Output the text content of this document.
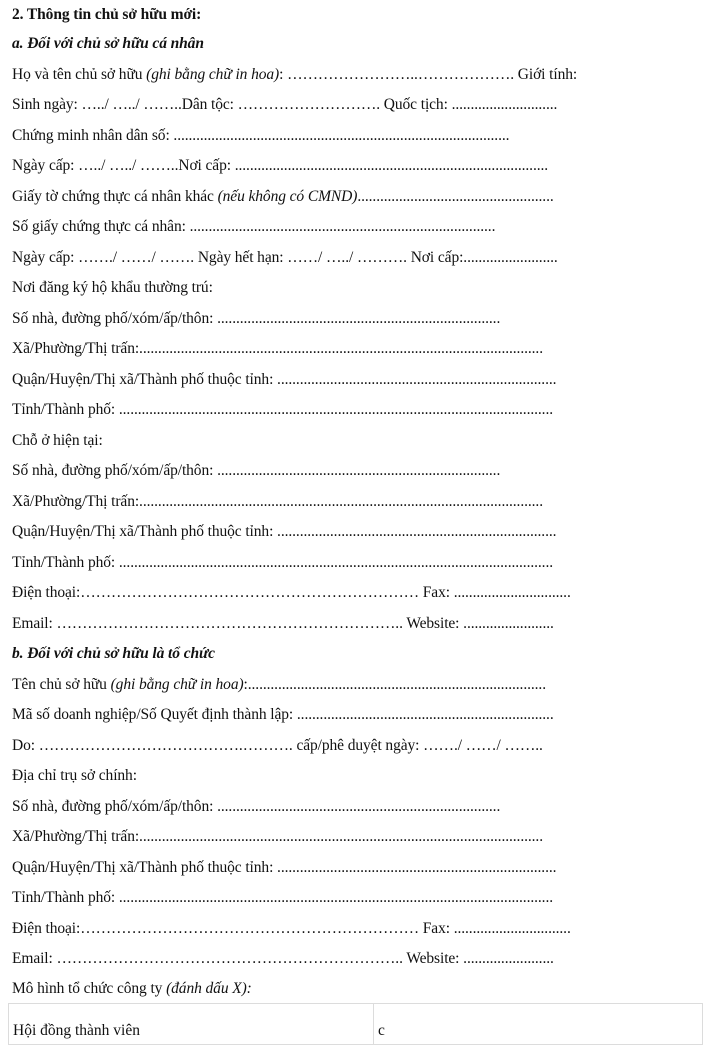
2. Thông tin chủ sở hữu mới:
a. Đối với chủ sở hữu cá nhân
Họ và tên chủ sở hữu (ghi bằng chữ in hoa): ……………………..………………. Giới tính:
Sinh ngày: …../ …../ ……..Dân tộc: ………………………. Quốc tịch: ............................
Chứng minh nhân dân số: .........................................................................................
Ngày cấp: …../ …../ ……..Nơi cấp: ...................................................................................
Giấy tờ chứng thực cá nhân khác (nếu không có CMND)....................................................
Số giấy chứng thực cá nhân: .................................................................................
Ngày cấp: ……./ ……/ ……. Ngày hết hạn: ……/ …../ ………. Nơi cấp:.........................
Nơi đăng ký hộ khẩu thường trú:
Số nhà, đường phố/xóm/ấp/thôn: ...........................................................................
Xã/Phường/Thị trấn:...........................................................................................................
Quận/Huyện/Thị xã/Thành phố thuộc tỉnh: ..........................................................................
Tỉnh/Thành phố: ...................................................................................................................
Chỗ ở hiện tại:
Số nhà, đường phố/xóm/ấp/thôn: ...........................................................................
Xã/Phường/Thị trấn:...........................................................................................................
Quận/Huyện/Thị xã/Thành phố thuộc tỉnh: ..........................................................................
Tỉnh/Thành phố: ...................................................................................................................
Điện thoại:………………………………………………………… Fax: ...............................
Email: ………………………………………………………….. Website: ........................
b. Đối với chủ sở hữu là tổ chức
Tên chủ sở hữu (ghi bằng chữ in hoa):...............................................................................
Mã số doanh nghiệp/Số Quyết định thành lập: ....................................................................
Do: ………………………………….………. cấp/phê duyệt ngày: ……./ ……/ ……..
Địa chỉ trụ sở chính:
Số nhà, đường phố/xóm/ấp/thôn: ...........................................................................
Xã/Phường/Thị trấn:...........................................................................................................
Quận/Huyện/Thị xã/Thành phố thuộc tỉnh: ..........................................................................
Tỉnh/Thành phố: ...................................................................................................................
Điện thoại:………………………………………………………… Fax: ...............................
Email: ………………………………………………………….. Website: ........................
Mô hình tổ chức công ty (đánh dấu X):
Hội đồng thành viên	c
